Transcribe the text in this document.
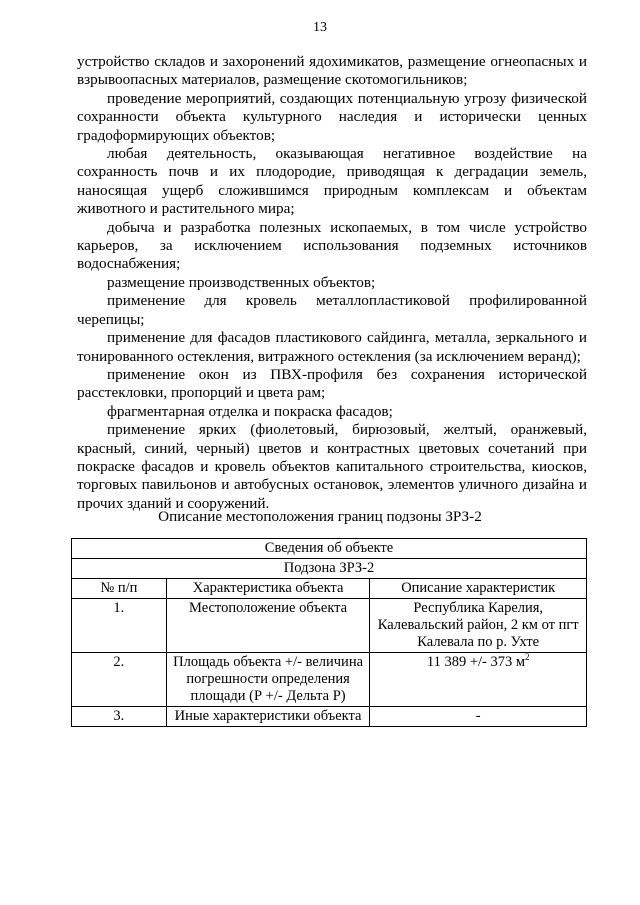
13

устройство складов и захоронений ядохимикатов, размещение огнеопасных и взрывоопасных материалов, размещение скотомогильников;

проведение мероприятий, создающих потенциальную угрозу физической сохранности объекта культурного наследия и исторически ценных градоформирующих объектов;

любая деятельность, оказывающая негативное воздействие на сохранность почв и их плодородие, приводящая к деградации земель, наносящая ущерб сложившимся природным комплексам и объектам животного и растительного мира;

добыча и разработка полезных ископаемых, в том числе устройство карьеров, за исключением использования подземных источников водоснабжения;

размещение производственных объектов;

применение для кровель металлопластиковой профилированной черепицы;

применение для фасадов пластикового сайдинга, металла, зеркального и тонированного остекления, витражного остекления (за исключением веранд);

применение окон из ПВХ-профиля без сохранения исторической расстекловки, пропорций и цвета рам;

фрагментарная отделка и покраска фасадов;

применение ярких (фиолетовый, бирюзовый, желтый, оранжевый, красный, синий, черный) цветов и контрастных цветовых сочетаний при покраске фасадов и кровель объектов капитального строительства, киосков, торговых павильонов и автобусных остановок, элементов уличного дизайна и прочих зданий и сооружений.

Описание местоположения границ подзоны ЗРЗ-2
Сведения об объекте		
Подзона ЗРЗ-2		
№ п/п	Характеристика объекта	Описание характеристик
1.	Местоположение объекта	Республика Карелия, Калевальский район, 2 км от пгт Калевала по р. Ухте
2.	Площадь объекта +/- величина погрешности определения площади (Р +/- Дельта Р)	11 389 +/- 373 $м^2$
3.	Иные характеристики объекта	-
